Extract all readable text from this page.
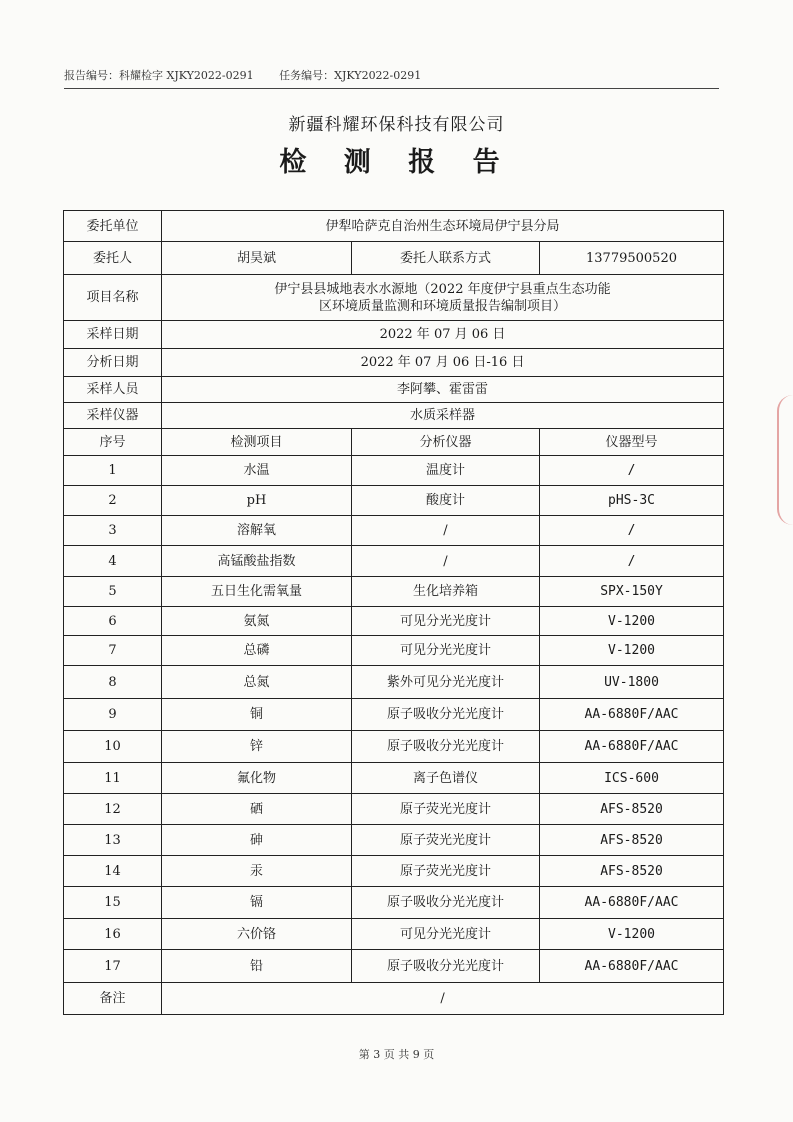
报告编号：科耀检字 XJKY2022-0291 任务编号：XJKY2022-0291
新疆科耀环保科技有限公司
检 测 报 告
委托单位	伊犁哈萨克自治州生态环境局伊宁县分局		
委托人	胡昊斌	委托人联系方式	13779500520
项目名称	伊宁县县城地表水水源地（2022 年度伊宁县重点生态功能
区环境质量监测和环境质量报告编制项目）		

采样日期	2022 年 07 月 06 日		
分析日期	2022 年 07 月 06 日-16 日		
采样人员	李阿攀、霍雷雷		
采样仪器	水质采样器		
序号	检测项目	分析仪器	仪器型号
1	水温	温度计	/
2	pH	酸度计	pHS-3C
3	溶解氧	/	/
4	高锰酸盐指数	/	/
5	五日生化需氧量	生化培养箱	SPX-150Y
6	氨氮	可见分光光度计	V-1200
7	总磷	可见分光光度计	V-1200
8	总氮	紫外可见分光光度计	UV-1800
9	铜	原子吸收分光光度计	AA-6880F/AAC
10	锌	原子吸收分光光度计	AA-6880F/AAC
11	氟化物	离子色谱仪	ICS-600
12	硒	原子荧光光度计	AFS-8520
13	砷	原子荧光光度计	AFS-8520
14	汞	原子荧光光度计	AFS-8520
15	镉	原子吸收分光光度计	AA-6880F/AAC
16	六价铬	可见分光光度计	V-1200
17	铅	原子吸收分光光度计	AA-6880F/AAC
备注	/		
第 3 页 共 9 页
